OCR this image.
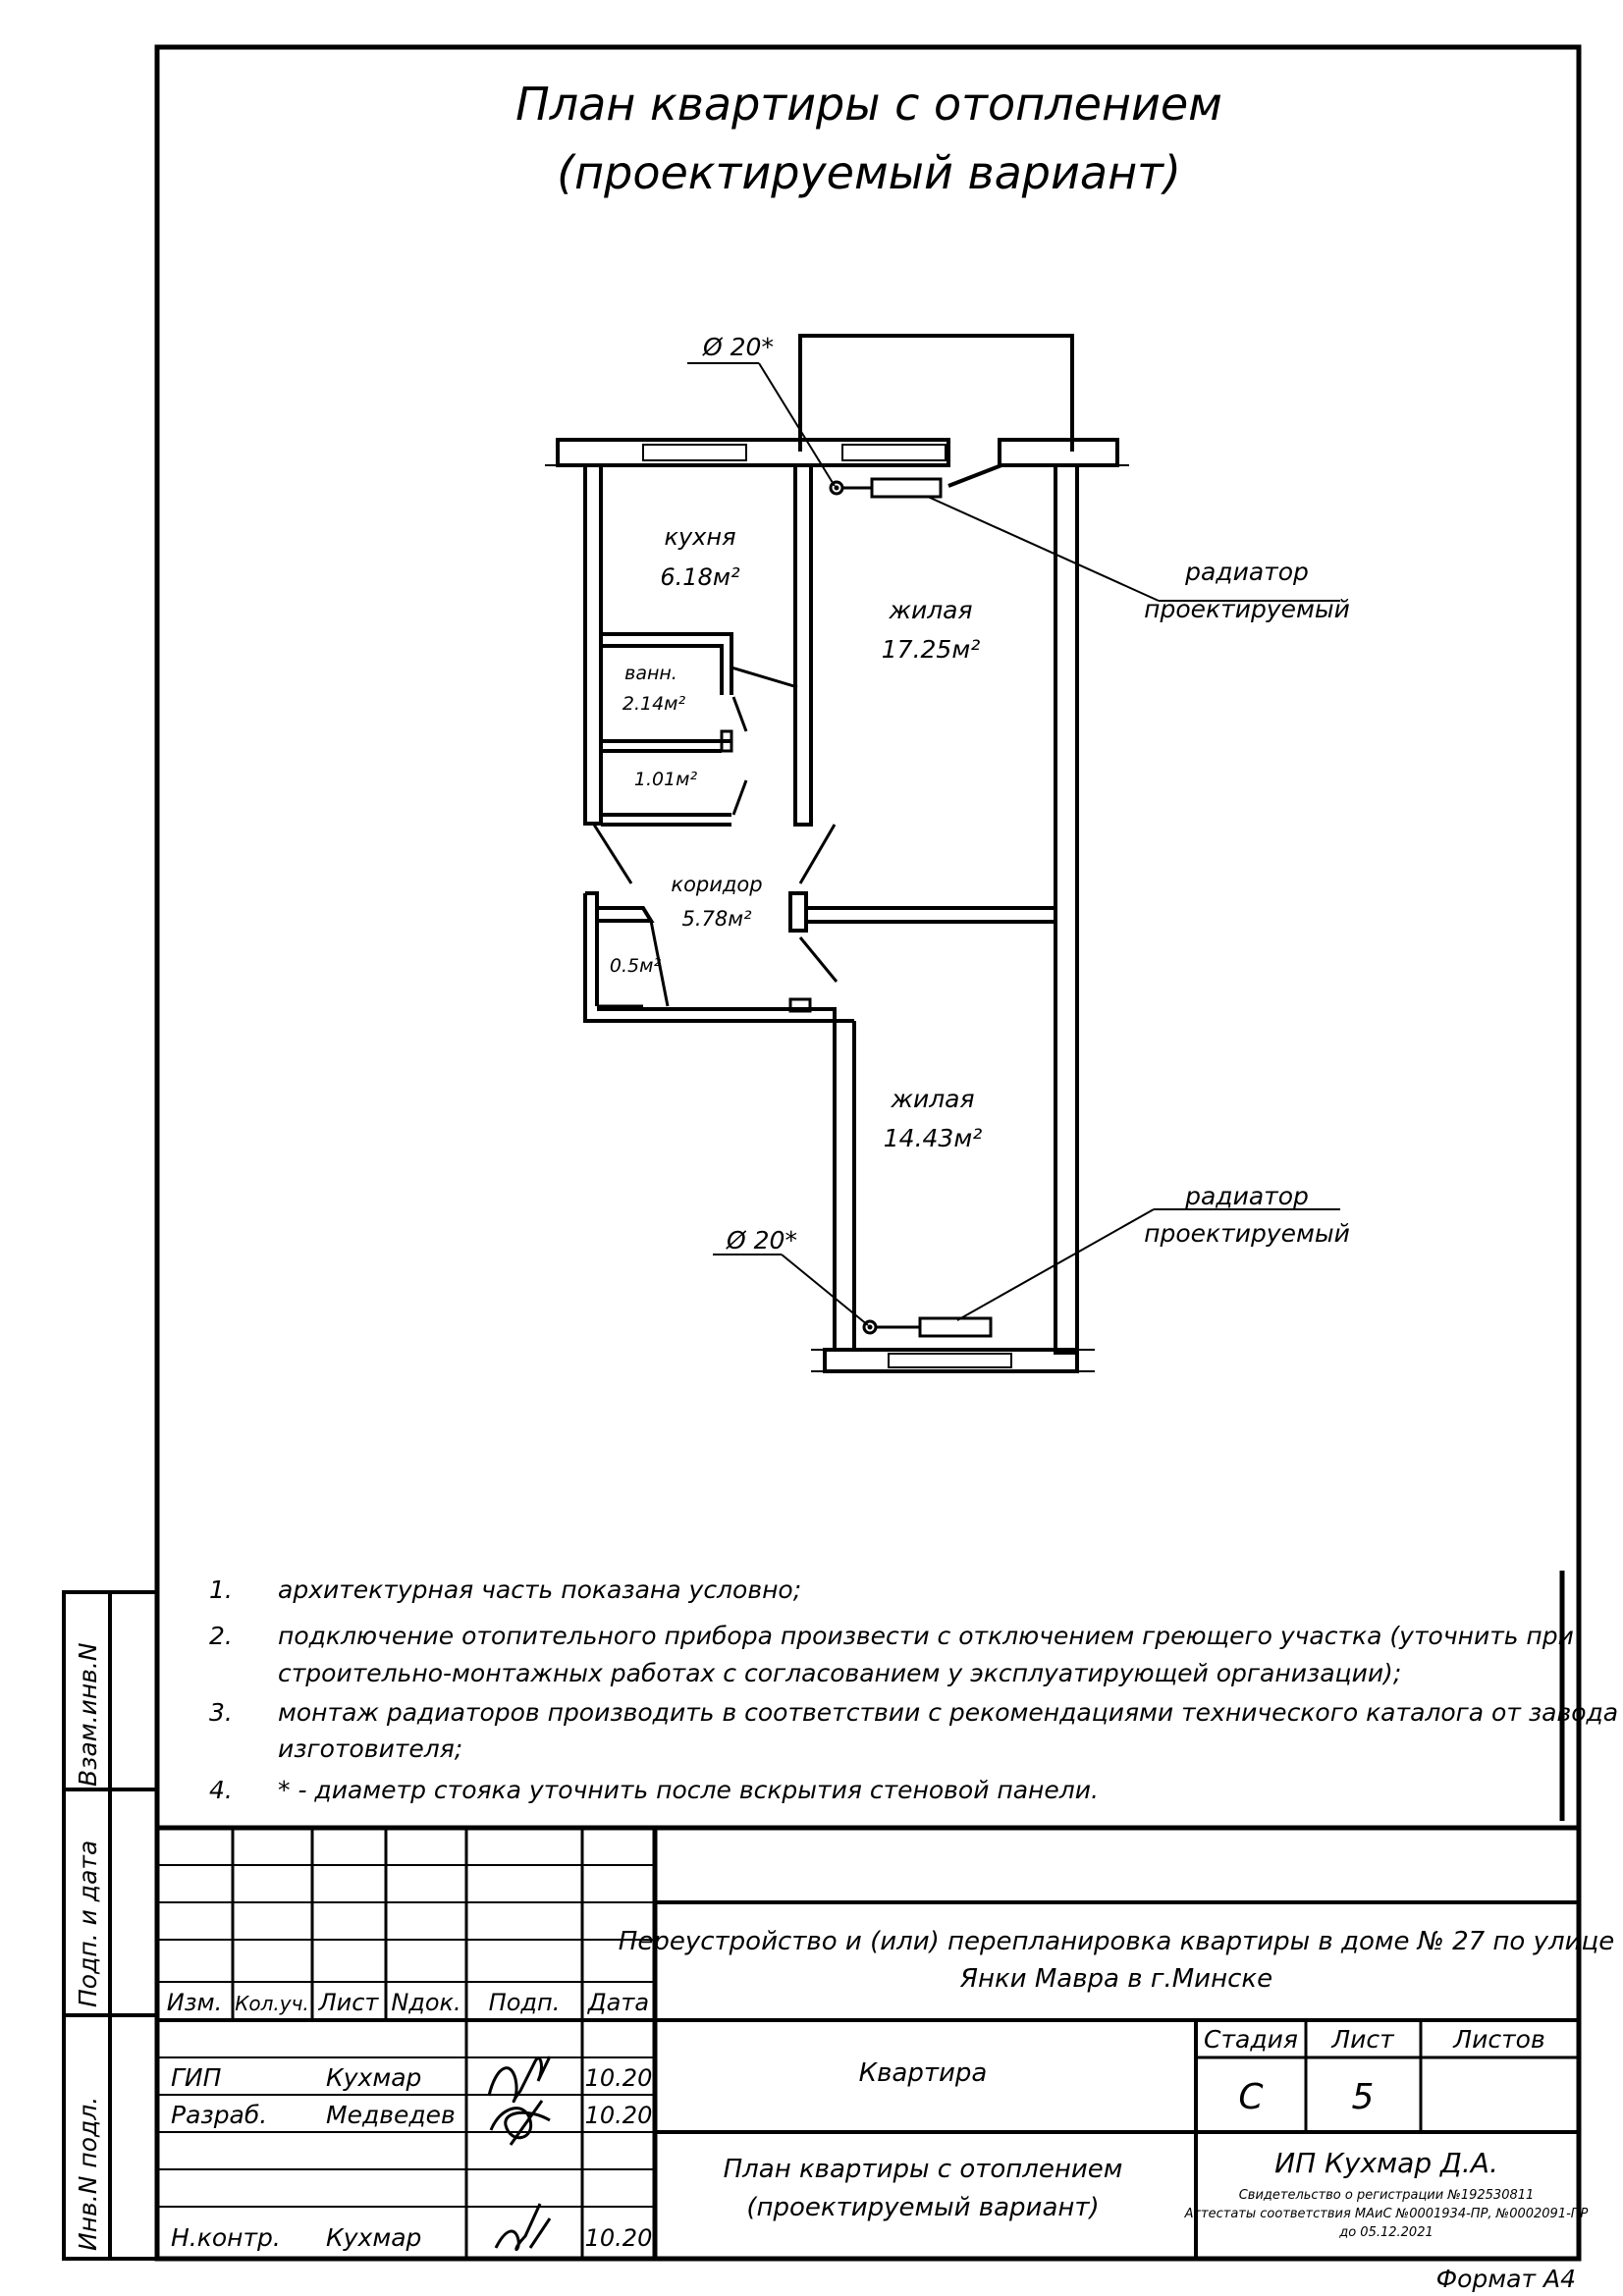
План квартиры с отоплением
(проектируемый вариант)
Ø 20*
Ø 20*
радиатор
проектируемый
радиатор
проектируемый
кухня
6.18м²
жилая
17.25м²
ванн.
2.14м²
1.01м²
коридор
5.78м²
0.5м²
жилая
14.43м²
1. архитектурная часть показана условно;
2. подключение отопительного прибора произвести с отключением греющего участка (уточнить при
строительно-монтажных работах с согласованием у эксплуатирующей организации);
3. монтаж радиаторов производить в соответствии с рекомендациями технического каталога от завода
изготовителя;
4. * - диаметр стояка уточнить после вскрытия стеновой панели.
Взам.инв.N
Подп. и дата
Инв.N подл.
Изм. Кол.уч. Лист Nдок. Подп. Дата
ГИП	Кухмар	10.20
Разраб. Медведев	10.20
Н.контр. Кухмар	10.20
Переустройство и (или) перепланировка квартиры в доме № 27 по улице
Янки Мавра в г.Минске
Квартира
План квартиры с отоплением
(проектируемый вариант)
Стадия Лист Листов
С 5
ИП Кухмар Д.А.
Свидетельство о регистрации №192530811
Аттестаты соответствия МАиС №0001934-ПР, №0002091-ПР
до 05.12.2021
Формат А4
